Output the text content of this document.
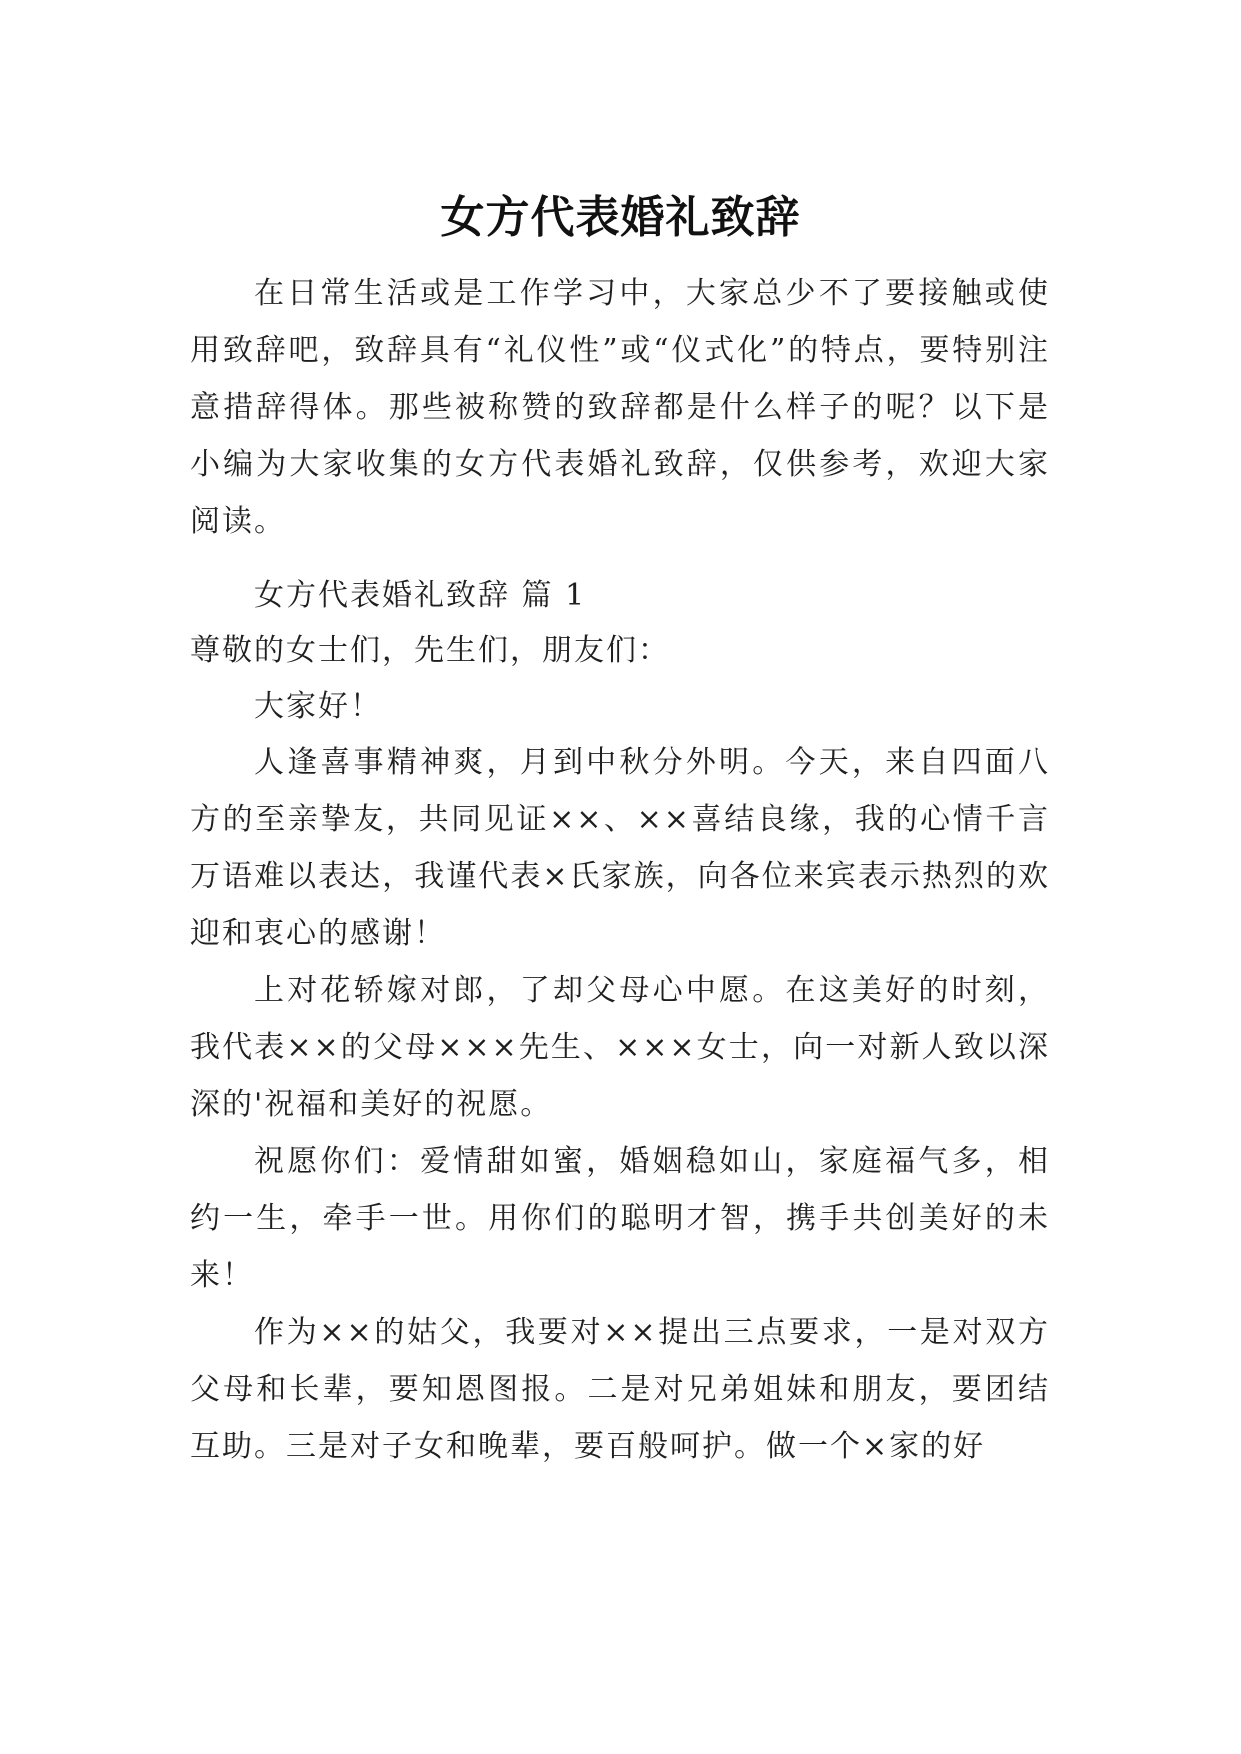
女方代表婚礼致辞

在日常生活或是工作学习中，大家总少不了要接触或使用致辞吧，致辞具有“礼仪性”或“仪式化”的特点，要特别注意措辞得体。那些被称赞的致辞都是什么样子的呢？以下是小编为大家收集的女方代表婚礼致辞，仅供参考，欢迎大家阅读。

女方代表婚礼致辞 篇 1

尊敬的女士们，先生们，朋友们：

大家好！

人逢喜事精神爽，月到中秋分外明。今天，来自四面八方的至亲挚友，共同见证××、××喜结良缘，我的心情千言万语难以表达，我谨代表×氏家族，向各位来宾表示热烈的欢迎和衷心的感谢！

上对花轿嫁对郎，了却父母心中愿。在这美好的时刻，我代表××的父母×××先生、×××女士，向一对新人致以深深的'祝福和美好的祝愿。

祝愿你们：爱情甜如蜜，婚姻稳如山，家庭福气多，相约一生，牵手一世。用你们的聪明才智，携手共创美好的未来！

作为××的姑父，我要对××提出三点要求，一是对双方父母和长辈，要知恩图报。二是对兄弟姐妹和朋友，要团结互助。三是对子女和晚辈，要百般呵护。做一个×家的好
